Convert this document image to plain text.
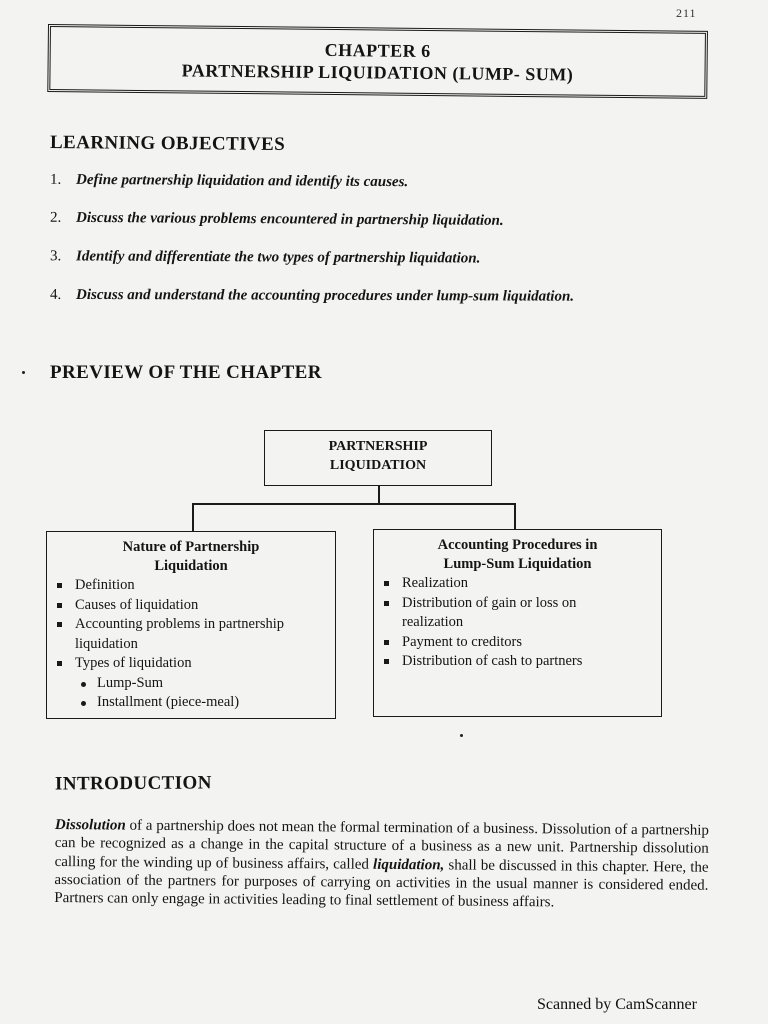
211
CHAPTER 6
PARTNERSHIP LIQUIDATION (LUMP- SUM)
LEARNING OBJECTIVES
1. Define partnership liquidation and identify its causes.
2. Discuss the various problems encountered in partnership liquidation.
3. Identify and differentiate the two types of partnership liquidation.
4. Discuss and understand the accounting procedures under lump-sum liquidation.
PREVIEW OF THE CHAPTER
PARTNERSHIP
LIQUIDATION
Nature of Partnership
Liquidation
Definition
Causes of liquidation
Accounting problems in partnership liquidation
Types of liquidation
Lump-Sum
Installment (piece-meal)
Accounting Procedures in
Lump-Sum Liquidation
Realization
Distribution of gain or loss on realization
Payment to creditors
Distribution of cash to partners
INTRODUCTION
Dissolution of a partnership does not mean the formal termination of a business. Dissolution of a partnership can be recognized as a change in the capital structure of a business as a new unit. Partnership dissolution calling for the winding up of business affairs, called liquidation, shall be discussed in this chapter. Here, the association of the partners for purposes of carrying on activities in the usual manner is considered ended. Partners can only engage in activities leading to final settlement of business affairs.
Scanned by CamScanner
